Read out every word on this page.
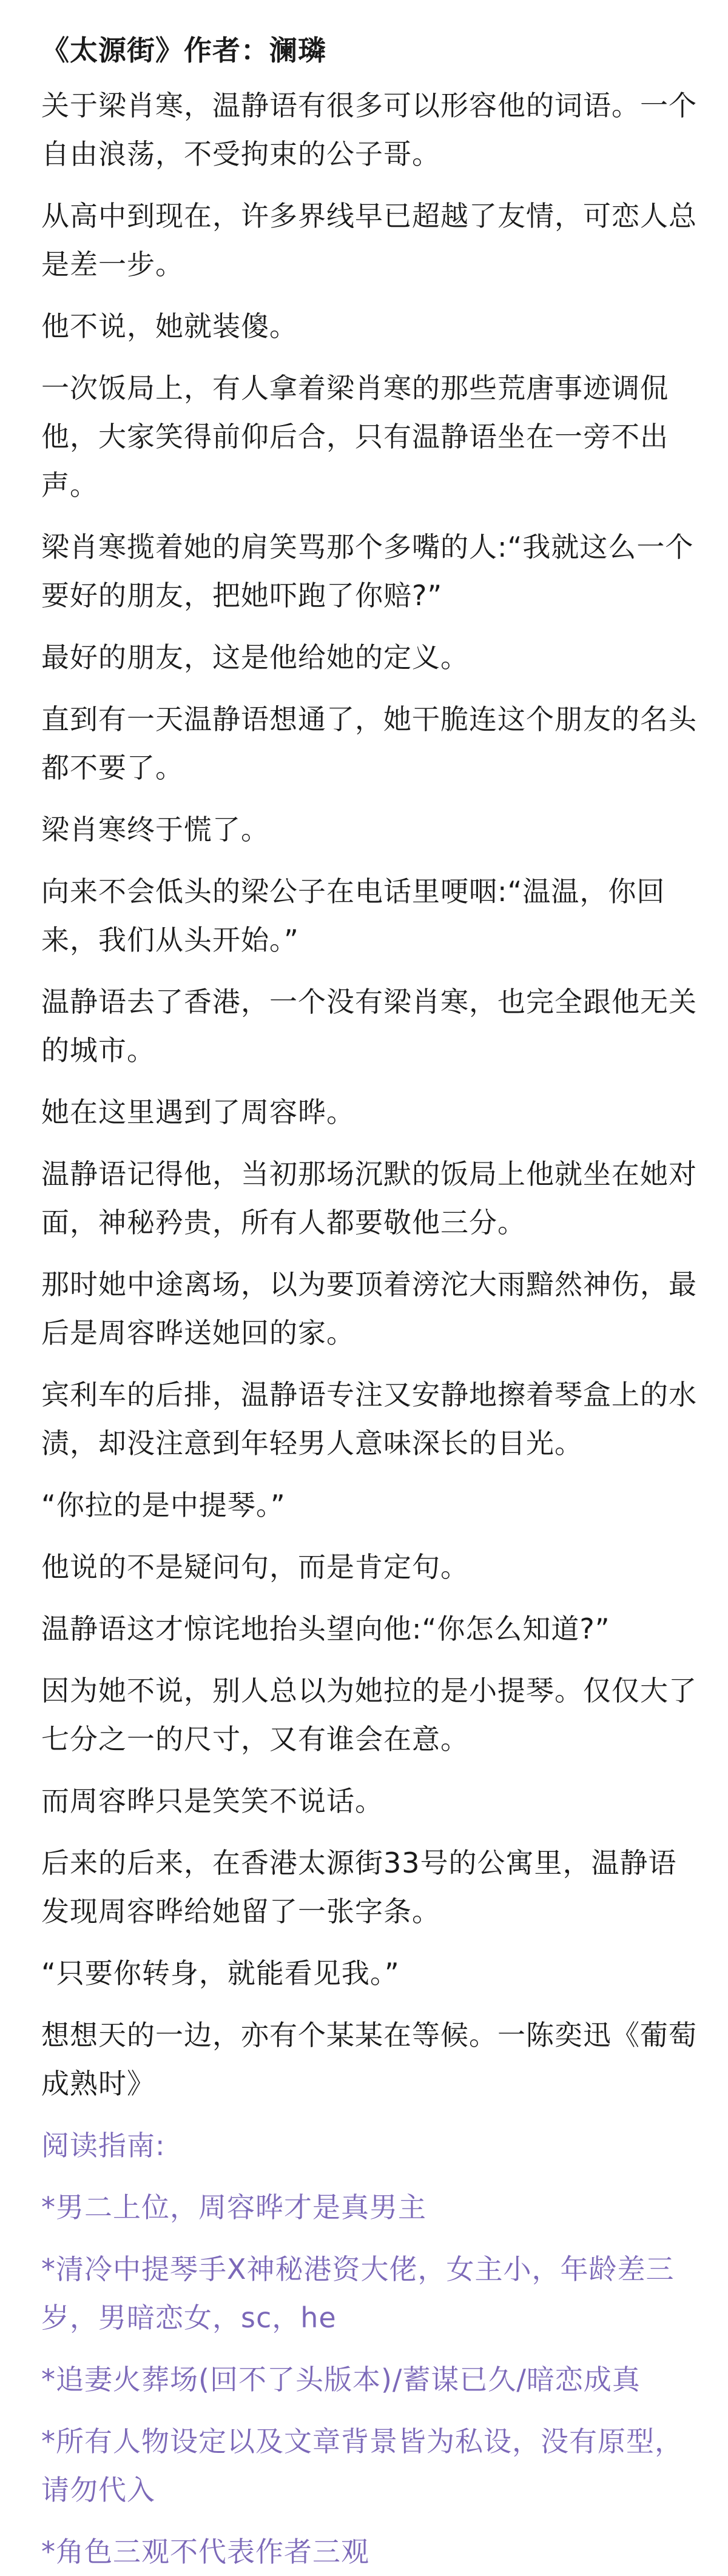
《太源街》作者：澜璘
关于梁肖寒，温静语有很多可以形容他的词语。一个自由浪荡，不受拘束的公子哥。
从高中到现在，许多界线早已超越了友情，可恋人总是差一步。
他不说，她就装傻。
一次饭局上，有人拿着梁肖寒的那些荒唐事迹调侃他，大家笑得前仰后合，只有温静语坐在一旁不出声。
梁肖寒揽着她的肩笑骂那个多嘴的人:“我就这么一个要好的朋友，把她吓跑了你赔?”
最好的朋友，这是他给她的定义。
直到有一天温静语想通了，她干脆连这个朋友的名头都不要了。
梁肖寒终于慌了。
向来不会低头的梁公子在电话里哽咽:“温温，你回来，我们从头开始。”
温静语去了香港，一个没有梁肖寒，也完全跟他无关的城市。
她在这里遇到了周容晔。
温静语记得他，当初那场沉默的饭局上他就坐在她对面，神秘矜贵，所有人都要敬他三分。
那时她中途离场，以为要顶着滂沱大雨黯然神伤，最后是周容晔送她回的家。
宾利车的后排，温静语专注又安静地擦着琴盒上的水渍，却没注意到年轻男人意味深长的目光。
“你拉的是中提琴。”
他说的不是疑问句，而是肯定句。
温静语这才惊诧地抬头望向他:“你怎么知道?”
因为她不说，别人总以为她拉的是小提琴。仅仅大了七分之一的尺寸，又有谁会在意。
而周容晔只是笑笑不说话。
后来的后来，在香港太源街33号的公寓里，温静语发现周容晔给她留了一张字条。
“只要你转身，就能看见我。”
想想天的一边，亦有个某某在等候。一陈奕迅《葡萄成熟时》
阅读指南:
*男二上位，周容晔才是真男主
*清冷中提琴手X神秘港资大佬，女主小，年龄差三岁，男暗恋女，sc，he
*追妻火葬场(回不了头版本)/蓄谋已久/暗恋成真
*所有人物设定以及文章背景皆为私设，没有原型，请勿代入
*角色三观不代表作者三观
